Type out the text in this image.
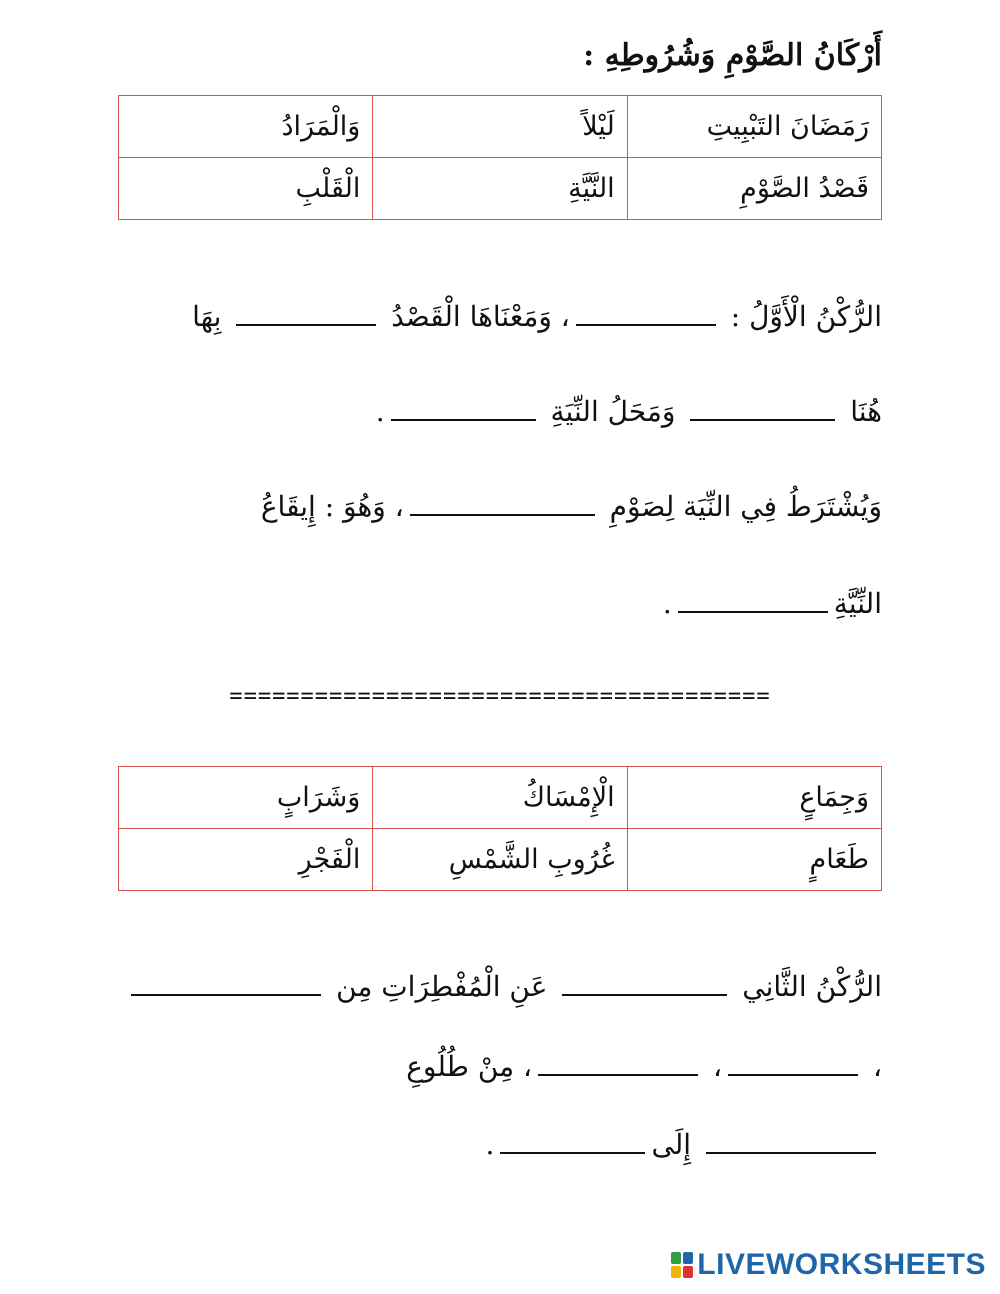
أَرْكَانُ الصَّوْمِ وَشُرُوطِهِ :
رَمَضَانَ التَبْبِيتِ	لَيْلاً	وَالْمَرَادُ
قَصْدُ الصَّوْمِ	النَّيَّةِ	الْقَلْبِ
الرُّكْنُ الْأَوَّلُ : ، وَمَعْنَاهَا الْقَصْدُ  بِهَا
هُنَا  وَمَحَلُ النِّيَةِ .
وَيُشْتَرَطُ فِي النِّيَة لِصَوْمِ ، وَهُوَ : إِيقَاعُ
النِّيَّةِ.
======================================
وَجِمَاعٍ	الْإِمْسَاكُ	وَشَرَابٍ
طَعَامٍ	غُرُوبِ الشَّمْسِ	الْفَجْرِ
الرُّكْنُ الثَّانِي  عَنِ الْمُفْطِرَاتِ مِن
، ، ، مِنْ طُلُوعِ
إِلَى.
LIVEWORKSHEETS
